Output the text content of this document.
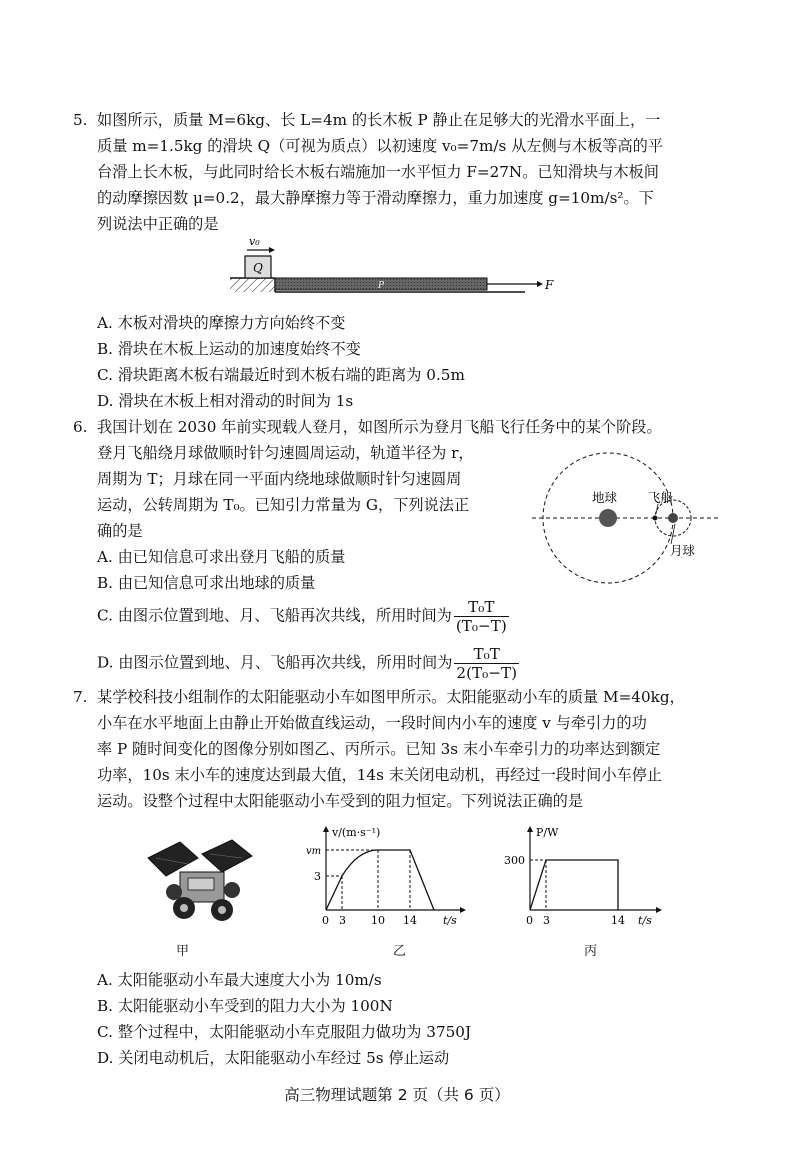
5. 如图所示，质量 M=6kg、长 L=4m 的长木板 P 静止在足够大的光滑水平面上，一
质量 m=1.5kg 的滑块 Q（可视为质点）以初速度 v₀=7m/s 从左侧与木板等高的平
台滑上长木板，与此同时给长木板右端施加一水平恒力 F=27N。已知滑块与木板间
的动摩擦因数 μ=0.2，最大静摩擦力等于滑动摩擦力，重力加速度 g=10m/s²。下
列说法中正确的是
Q
v₀
P	F
A. 木板对滑块的摩擦力方向始终不变
B. 滑块在木板上运动的加速度始终不变
C. 滑块距离木板右端最近时到木板右端的距离为 0.5m
D. 滑块在木板上相对滑动的时间为 1s
6. 我国计划在 2030 年前实现载人登月，如图所示为登月飞船飞行任务中的某个阶段。
登月飞船绕月球做顺时针匀速圆周运动，轨道半径为 r，
周期为 T；月球在同一平面内绕地球做顺时针匀速圆周
运动，公转周期为 T₀。已知引力常量为 G，下列说法正
确的是
地球 飞船
月球
A. 由已知信息可求出登月飞船的质量
B. 由已知信息可求出地球的质量
C. 由图示位置到地、月、飞船再次共线，所用时间为 $\frac{\text{T₀T}}{\text{(T₀−T)}}$
D. 由图示位置到地、月、飞船再次共线，所用时间为 $\frac{\text{T₀T}}{\text{2(T₀−T)}}$
7. 某学校科技小组制作的太阳能驱动小车如图甲所示。太阳能驱动小车的质量 M=40kg，
小车在水平地面上由静止开始做直线运动，一段时间内小车的速度 v 与牵引力的功
率 P 随时间变化的图像分别如图乙、丙所示。已知 3s 末小车牵引力的功率达到额定
功率，10s 末小车的速度达到最大值，14s 末关闭电动机，再经过一段时间小车停止
运动。设整个过程中太阳能驱动小车受到的阻力恒定。下列说法正确的是
甲
v/(m·s⁻¹)
vm
3
0 3 10 14 t/s
乙
P/W
300
0 3	14 t/s
丙
A. 太阳能驱动小车最大速度大小为 10m/s
B. 太阳能驱动小车受到的阻力大小为 100N
C. 整个过程中，太阳能驱动小车克服阻力做功为 3750J
D. 关闭电动机后，太阳能驱动小车经过 5s 停止运动
高三物理试题第 2 页（共 6 页）
